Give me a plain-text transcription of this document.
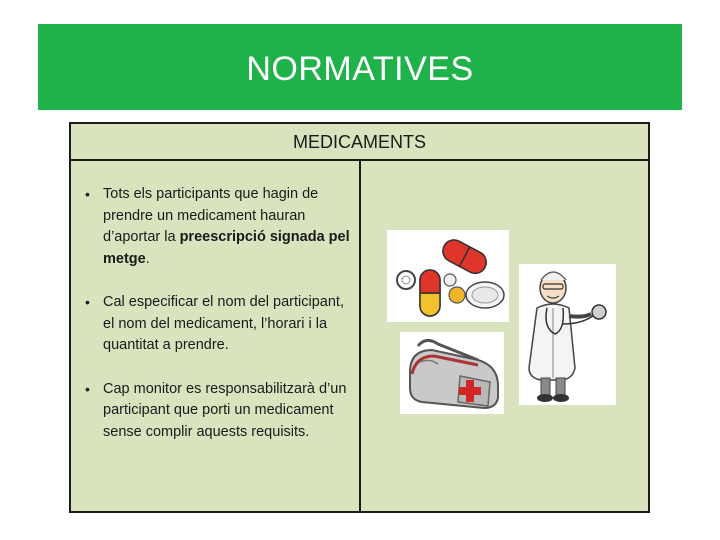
NORMATIVES
MEDICAMENTS
• Tots els participants que hagin de prendre un medicament hauran d’aportar la preescripció signada pel metge.
• Cal especificar el nom del participant, el nom del medicament, l’horari i la quantitat a prendre.
• Cap monitor es responsabilitzarà d’un participant que porti un medicament sense complir aquests requisits.
